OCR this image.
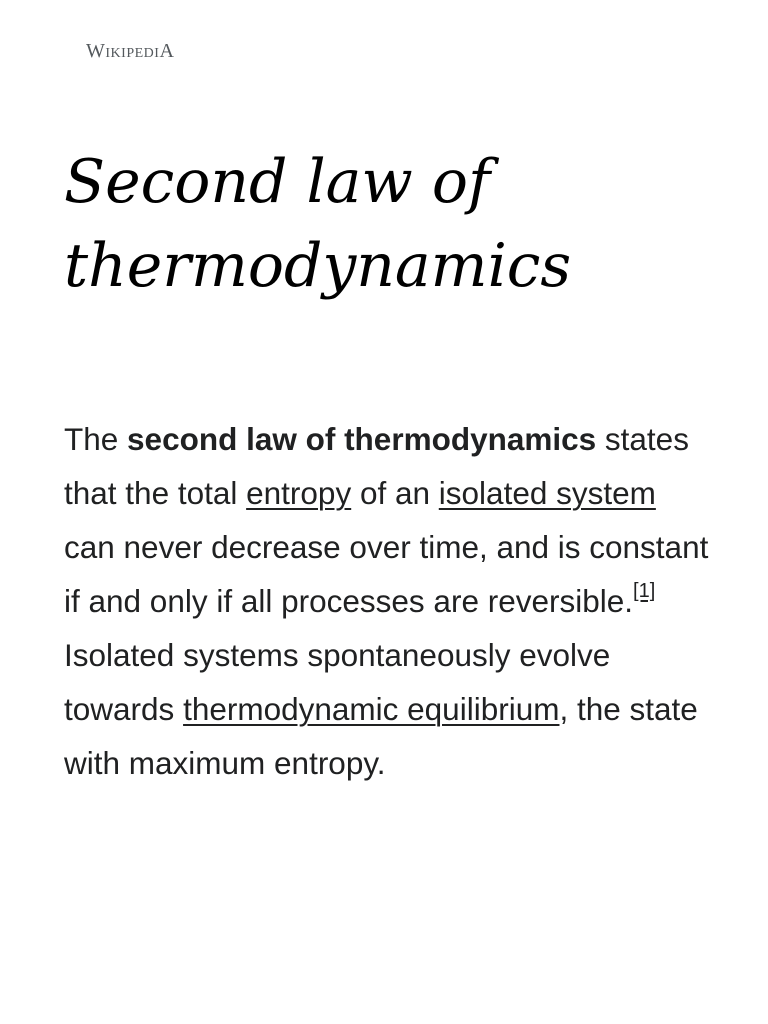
WikipediA
Second law of
thermodynamics

The second law of thermodynamics states that the total entropy of an isolated system can never decrease over time, and is constant if and only if all processes are reversible.[1] Isolated systems spontaneously evolve towards thermodynamic equilibrium, the state with maximum entropy.
